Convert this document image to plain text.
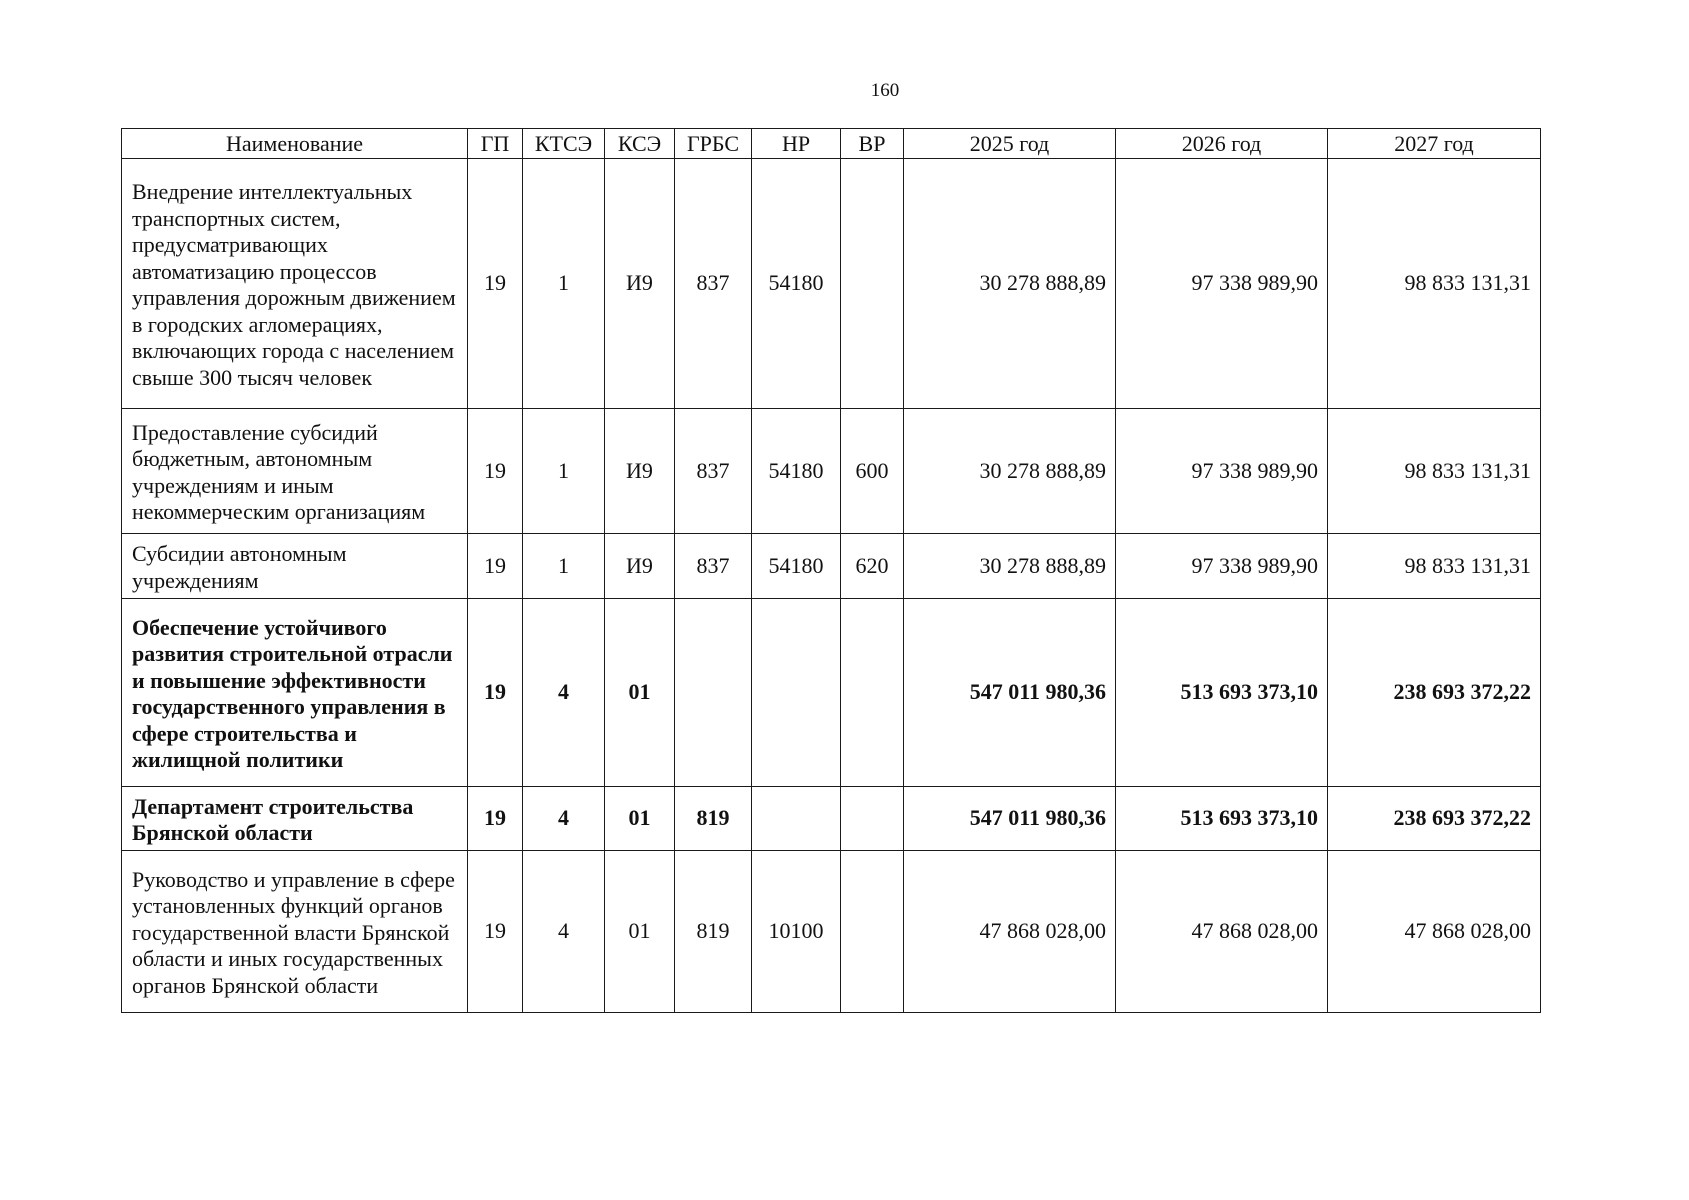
160
Наименование	ГП	КТСЭ	КСЭ	ГРБС	НР	ВР	2025 год	2026 год	2027 год
Внедрение интеллектуальных транспортных систем, предусматривающих автоматизацию процессов управления дорожным движением в городских агломерациях, включающих города с населением свыше 300 тысяч человек	19	1	И9	837	54180		30 278 888,89	97 338 989,90	98 833 131,31
Предоставление субсидий бюджетным, автономным учреждениям и иным некоммерческим организациям	19	1	И9	837	54180	600	30 278 888,89	97 338 989,90	98 833 131,31
Субсидии автономным учреждениям	19	1	И9	837	54180	620	30 278 888,89	97 338 989,90	98 833 131,31
Обеспечение устойчивого развития строительной отрасли и повышение эффективности государственного управления в сфере строительства и жилищной политики	19	4	01				547 011 980,36	513 693 373,10	238 693 372,22
Департамент строительства Брянской области	19	4	01	819			547 011 980,36	513 693 373,10	238 693 372,22
Руководство и управление в сфере установленных функций органов государственной власти Брянской области и иных государственных органов Брянской области	19	4	01	819	10100		47 868 028,00	47 868 028,00	47 868 028,00
